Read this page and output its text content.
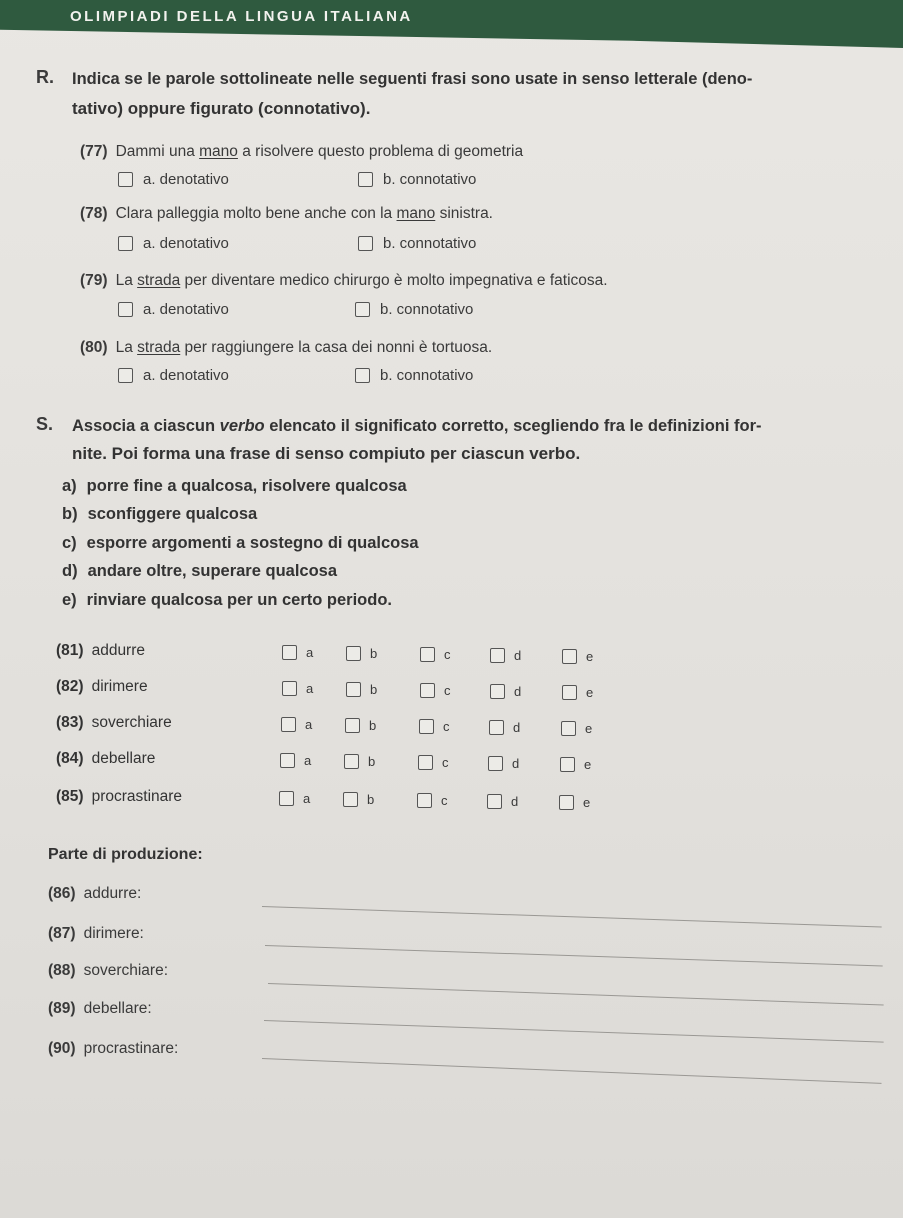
OLIMPIADI DELLA LINGUA ITALIANA
R. Indica se le parole sottolineate nelle seguenti frasi sono usate in senso letterale (deno-
tativo) oppure figurato (connotativo).
(77) Dammi una mano a risolvere questo problema di geometria
a. denotativo	b. connotativo
(78) Clara palleggia molto bene anche con la mano sinistra.
a. denotativo	b. connotativo
(79) La strada per diventare medico chirurgo è molto impegnativa e faticosa.
a. denotativo	b. connotativo
(80) La strada per raggiungere la casa dei nonni è tortuosa.
a. denotativo	b. connotativo
S. Associa a ciascun verbo elencato il significato corretto, scegliendo fra le definizioni for-
nite. Poi forma una frase di senso compiuto per ciascun verbo.
a) porre fine a qualcosa, risolvere qualcosa
b) sconfiggere qualcosa
c) esporre argomenti a sostegno di qualcosa
d) andare oltre, superare qualcosa
e) rinviare qualcosa per un certo periodo.
(81) addurre	a	b	c	d	e
(82) dirimere	a	b	c	d	e
(83) soverchiare	a	b	c	d	e
(84) debellare	a	b	c	d	e
(85) procrastinare	a	b	c	d	e
Parte di produzione:
(86) addurre:
(87) dirimere:
(88) soverchiare:
(89) debellare:
(90) procrastinare:
